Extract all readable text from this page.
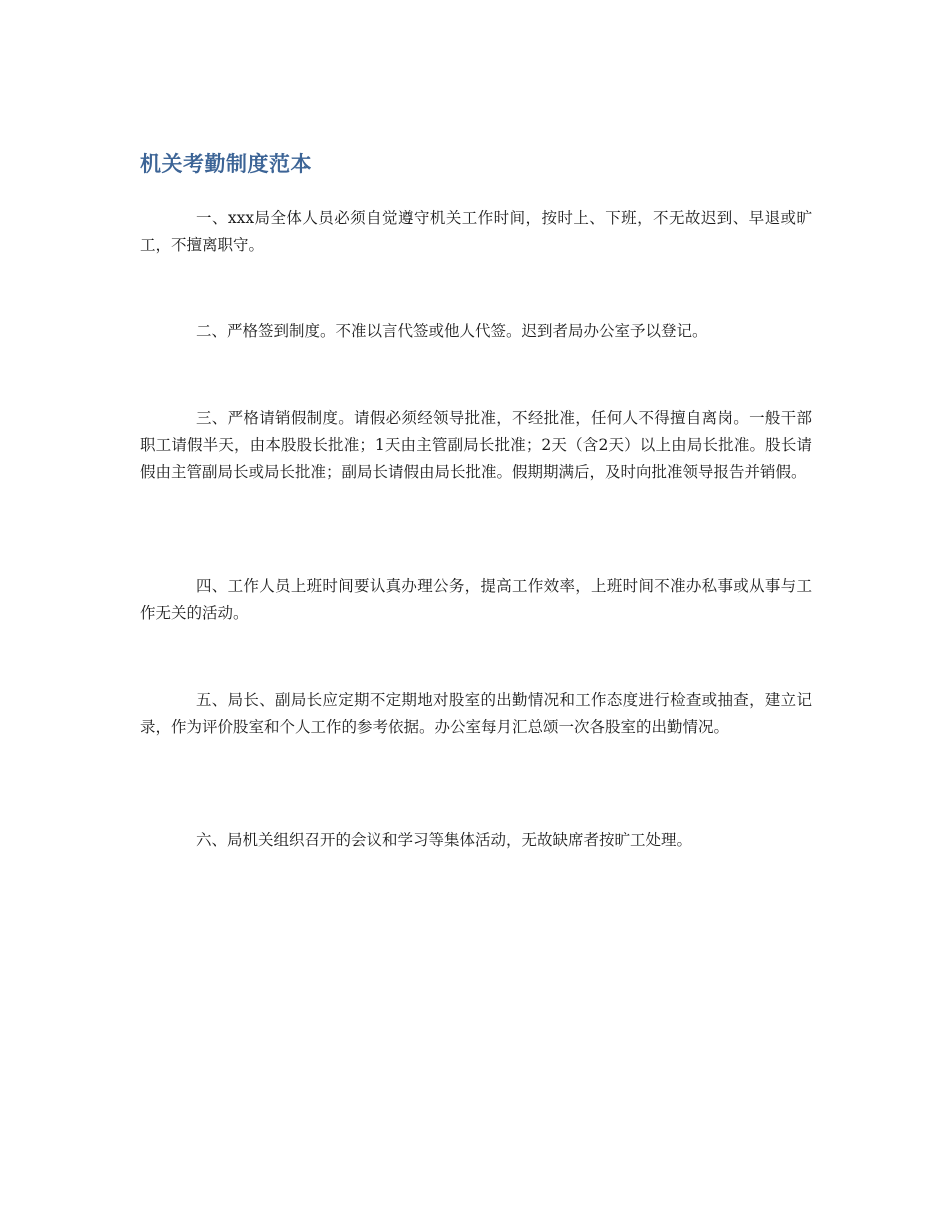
机关考勤制度范本

一、xxx局全体人员必须自觉遵守机关工作时间，按时上、下班，不无故迟到、早退或旷工，不擅离职守。

二、严格签到制度。不准以言代签或他人代签。迟到者局办公室予以登记。

三、严格请销假制度。请假必须经领导批准，不经批准，任何人不得擅自离岗。一般干部职工请假半天，由本股股长批准；1天由主管副局长批准；2天（含2天）以上由局长批准。股长请假由主管副局长或局长批准；副局长请假由局长批准。假期期满后，及时向批准领导报告并销假。

四、工作人员上班时间要认真办理公务，提高工作效率，上班时间不准办私事或从事与工作无关的活动。

五、局长、副局长应定期不定期地对股室的出勤情况和工作态度进行检查或抽查，建立记录，作为评价股室和个人工作的参考依据。办公室每月汇总颂一次各股室的出勤情况。

六、局机关组织召开的会议和学习等集体活动，无故缺席者按旷工处理。
